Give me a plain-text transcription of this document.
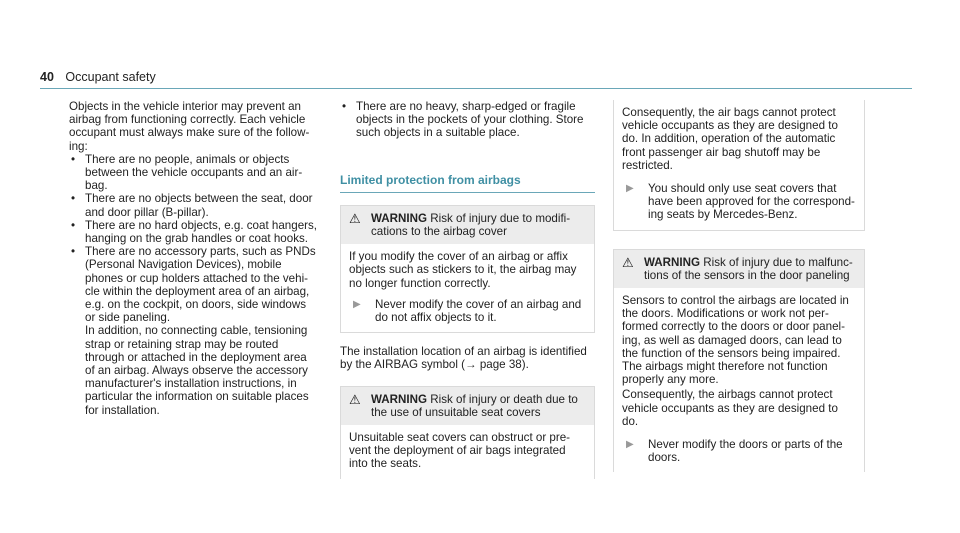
40 Occupant safety

Objects in the vehicle interior may prevent an
airbag from functioning correctly. Each vehicle
occupant must always make sure of the follow-
ing:

• There are no people, animals or objects
between the vehicle occupants and an air-
bag.
• There are no objects between the seat, door
and door pillar (B-pillar).
• There are no hard objects, e.g. coat hangers,
hanging on the grab handles or coat hooks.
• There are no accessory parts, such as PNDs
(Personal Navigation Devices), mobile
phones or cup holders attached to the vehi-
cle within the deployment area of an airbag,
e.g. on the cockpit, on doors, side windows
or side paneling.
In addition, no connecting cable, tensioning
strap or retaining strap may be routed
through or attached in the deployment area
of an airbag. Always observe the accessory
manufacturer's installation instructions, in
particular the information on suitable places
for installation.
• There are no heavy, sharp-edged or fragile
objects in the pockets of your clothing. Store
such objects in a suitable place.
Limited protection from airbags
⚠ WARNING Risk of injury due to modifi-
cations to the airbag cover
If you modify the cover of an airbag or affix
objects such as stickers to it, the airbag may
no longer function correctly.
▶	Never modify the cover of an airbag and
do not affix objects to it.

The installation location of an airbag is identified
by the AIRBAG symbol (→ page 38).

⚠ WARNING Risk of injury or death due to
the use of unsuitable seat covers
Unsuitable seat covers can obstruct or pre-
vent the deployment of air bags integrated
into the seats.
Consequently, the air bags cannot protect
vehicle occupants as they are designed to
do. In addition, operation of the automatic
front passenger air bag shutoff may be
restricted.
▶	You should only use seat covers that
have been approved for the correspond-
ing seats by Mercedes-Benz.
⚠ WARNING Risk of injury due to malfunc-
tions of the sensors in the door paneling
Sensors to control the airbags are located in
the doors. Modifications or work not per-
formed correctly to the doors or door panel-
ing, as well as damaged doors, can lead to
the function of the sensors being impaired.
The airbags might therefore not function
properly any more.
Consequently, the airbags cannot protect
vehicle occupants as they are designed to
do.
▶	Never modify the doors or parts of the
doors.
